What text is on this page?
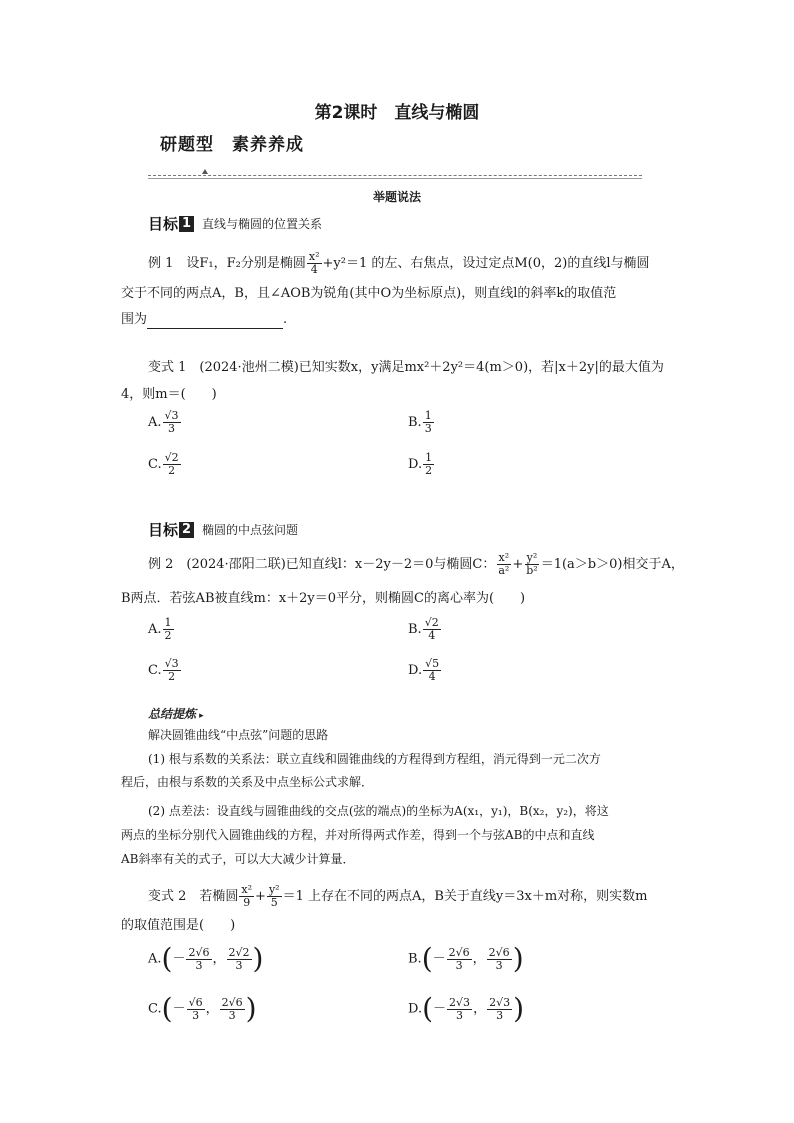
第2课时　直线与椭圆
研题型　素养养成
举题说法
目标 1 直线与椭圆的位置关系
例 1　设F₁，F₂分别是椭圆 $\frac{\text{x²}}{4} +y^2=1$ 的左、右焦点，设过定点M(0，2)的直线l与椭圆
交于不同的两点A，B，且∠AOB为锐角(其中O为坐标原点)，则直线l的斜率k的取值范
围为	.
变式 1　(2024·池州二模)已知实数x，y满足mx²＋2y²＝4(m＞0)，若|x＋2y|的最大值为
4，则m＝(　　)
A. $\frac{√3}{3}$	B. $\frac{1}{3}$
C. $\frac{√2}{2}$	D. $\frac{1}{2}$
目标 2 椭圆的中点弦问题
例 2　(2024·邵阳二联)已知直线l：x－2y－2＝0与椭圆C： $\frac{\text{x²}}{\text{a²}} + \frac{\text{y²}}{\text{b²}} =1(a>b>0)$相交于A，
B两点．若弦AB被直线m：x＋2y＝0平分，则椭圆C的离心率为(　　)
A. $\frac{1}{2}$	B. $\frac{√2}{4}$
C. $\frac{√3}{2}$	D. $\frac{√5}{4}$
总结提炼 ▸
解决圆锥曲线“中点弦”问题的思路
(1) 根与系数的关系法：联立直线和圆锥曲线的方程得到方程组，消元得到一元二次方
程后，由根与系数的关系及中点坐标公式求解．
(2) 点差法：设直线与圆锥曲线的交点(弦的端点)的坐标为A(x₁，y₁)，B(x₂，y₂)，将这
两点的坐标分别代入圆锥曲线的方程，并对所得两式作差，得到一个与弦AB的中点和直线
AB斜率有关的式子，可以大大减少计算量．
变式 2　若椭圆 $\frac{\text{x²}}{9} + \frac{\text{y²}}{5} =1$ 上存在不同的两点A，B关于直线y＝3x＋m对称，则实数m
的取值范围是(　　)
$A.(- \frac{2√6}{3}$ ， $\frac{2√2}{3}$ )	$B.(- \frac{2√6}{3}$ ， $\frac{2√6}{3}$ )
$C.(- \frac{√6}{3}$ ， $\frac{2√6}{3}$ )	$D.(- \frac{2√3}{3}$ ， $\frac{2√3}{3}$ )
